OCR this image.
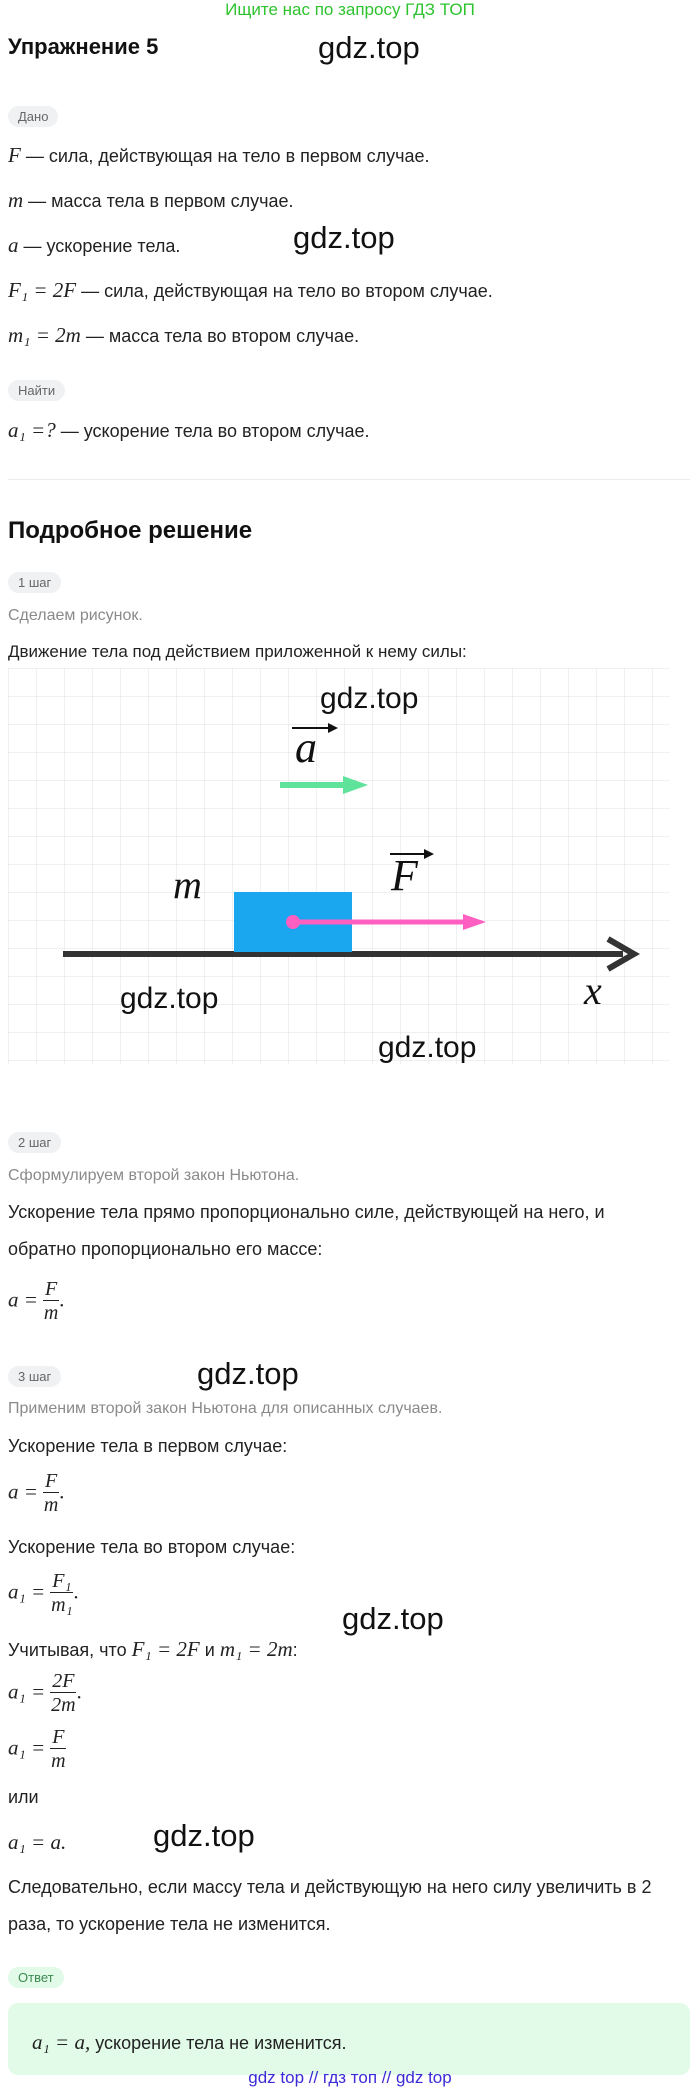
Ищите нас по запросу ГДЗ ТОП
Упражнение 5	gdz.top
Дано
F — сила, действующая на тело в первом случае.
m — масса тела в первом случае.
a — ускорение тела.	gdz.top
F₁ = 2F — сила, действующая на тело во втором случае.
m₁ = 2m — масса тела во втором случае.
Найти
a₁ =? — ускорение тела во втором случае.
Подробное решение
1 шаг
Сделаем рисунок.
Движение тела под действием приложенной к нему силы:
a
x
m	F
gdz.top
gdz.top
gdz.top
2 шаг
Сформулируем второй закон Ньютона.
Ускорение тела прямо пропорционально силе, действующей на него, и
обратно пропорционально его массе:
$a = \frac{F}{m}$ .
3 шаг	gdz.top
Применим второй закон Ньютона для описанных случаев.
Ускорение тела в первом случае:
$a = \frac{F}{m}$ .
Ускорение тела во втором случае:
$a_1 = \frac{\text{F₁}}{\text{m₁}}$ .
gdz.top
Учитывая, что F₁ = 2F и m₁ = 2m:
$a_1 = \frac{2F}{2m}$ .
$a_1 = \frac{F}{m}$
или
a₁ = a.	gdz.top
Следовательно, если массу тела и действующую на него силу увеличить в 2
раза, то ускорение тела не изменится.
Ответ
a₁ = a, ускорение тела не изменится.
gdz top // гдз топ // gdz top
